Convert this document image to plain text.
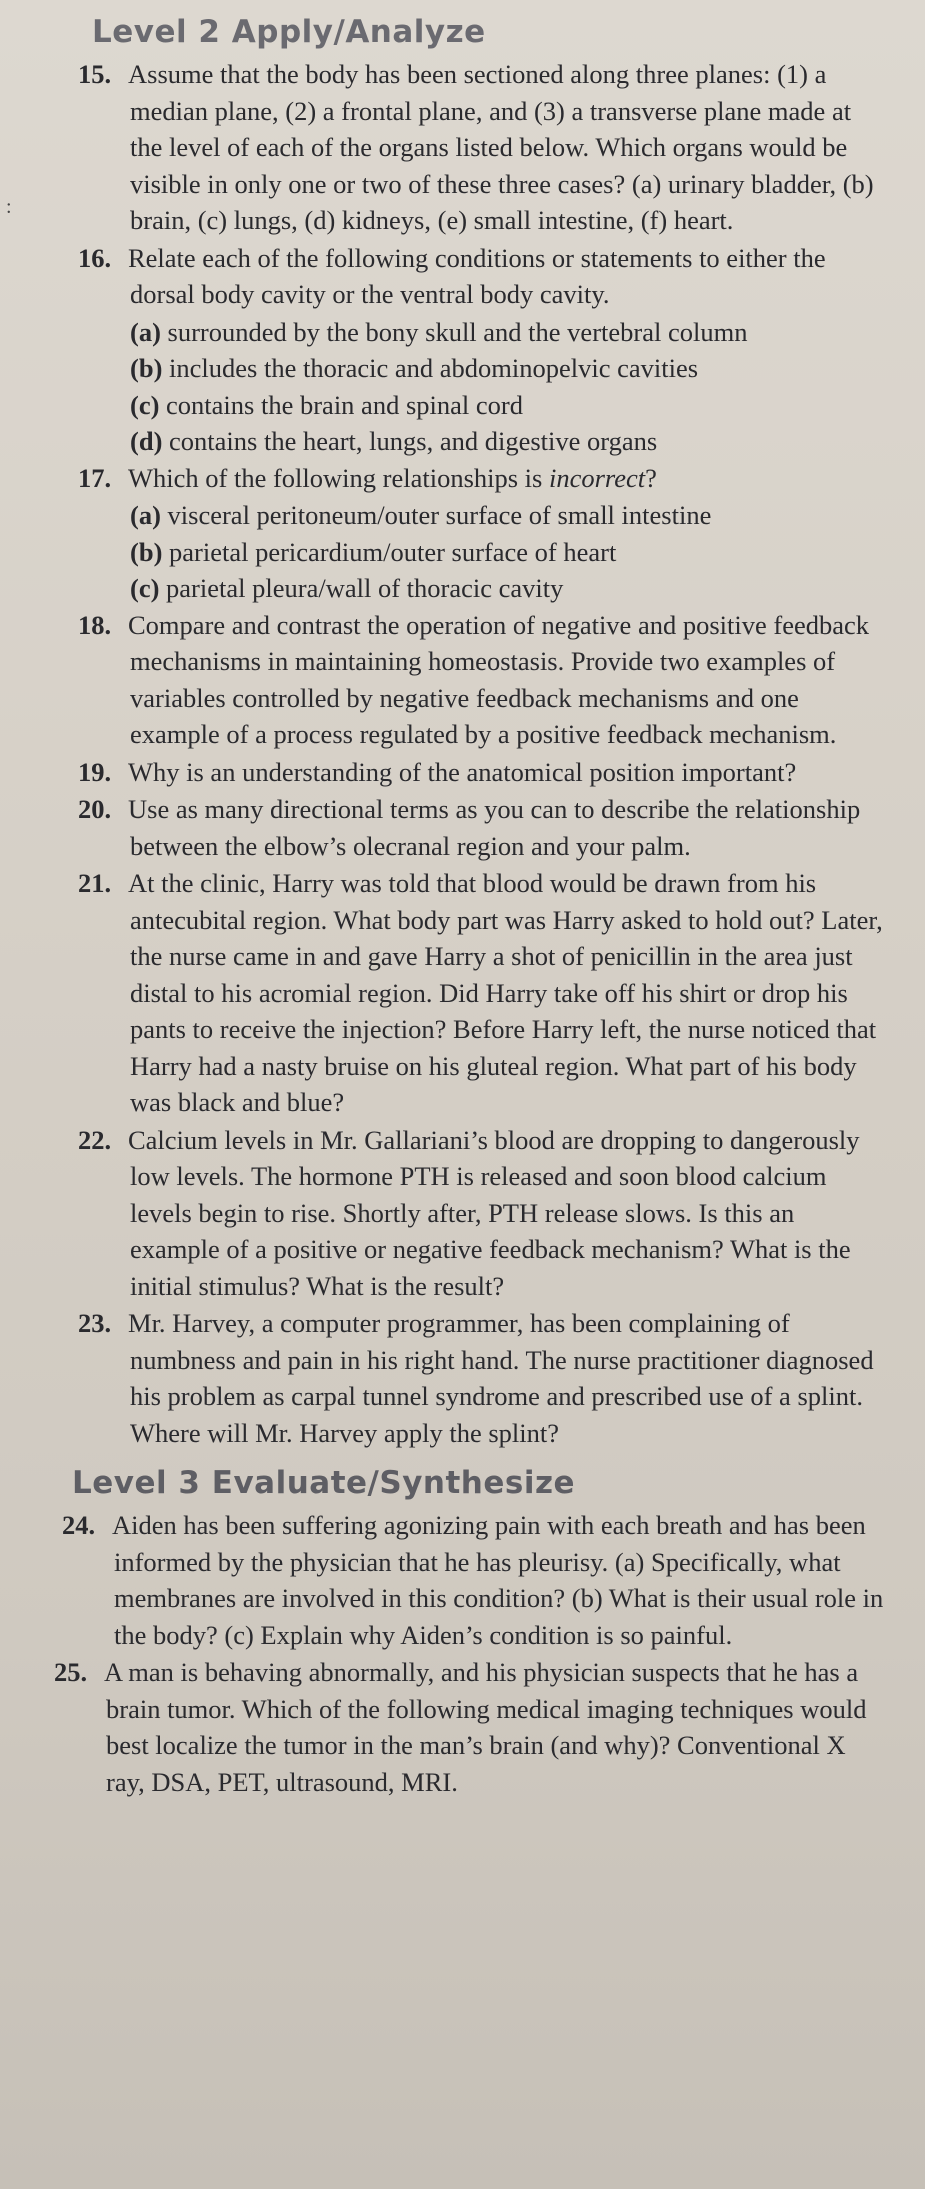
:
Level 2 Apply/Analyze
15. Assume that the body has been sectioned along three planes: (1) a median plane, (2) a frontal plane, and (3) a transverse plane made at the level of each of the organs listed below. Which organs would be visible in only one or two of these three cases? (a) urinary bladder, (b) brain, (c) lungs, (d) kidneys, (e) small intestine, (f) heart.
16. Relate each of the following conditions or statements to either the dorsal body cavity or the ventral body cavity.
(a) surrounded by the bony skull and the vertebral column
(b) includes the thoracic and abdominopelvic cavities
(c) contains the brain and spinal cord
(d) contains the heart, lungs, and digestive organs
17. Which of the following relationships is incorrect?
(a) visceral peritoneum/outer surface of small intestine
(b) parietal pericardium/outer surface of heart
(c) parietal pleura/wall of thoracic cavity
18. Compare and contrast the operation of negative and positive feedback mechanisms in maintaining homeostasis. Provide two examples of variables controlled by negative feedback mechanisms and one example of a process regulated by a positive feedback mechanism.
19. Why is an understanding of the anatomical position important?
20. Use as many directional terms as you can to describe the relationship between the elbow’s olecranal region and your palm.
21. At the clinic, Harry was told that blood would be drawn from his antecubital region. What body part was Harry asked to hold out? Later, the nurse came in and gave Harry a shot of penicillin in the area just distal to his acromial region. Did Harry take off his shirt or drop his pants to receive the injection? Before Harry left, the nurse noticed that Harry had a nasty bruise on his gluteal region. What part of his body was black and blue?
22. Calcium levels in Mr. Gallariani’s blood are dropping to dangerously low levels. The hormone PTH is released and soon blood calcium levels begin to rise. Shortly after, PTH release slows. Is this an example of a positive or negative feedback mechanism? What is the initial stimulus? What is the result?
23. Mr. Harvey, a computer programmer, has been complaining of numbness and pain in his right hand. The nurse practitioner diagnosed his problem as carpal tunnel syndrome and prescribed use of a splint. Where will Mr. Harvey apply the splint?
Level 3 Evaluate/Synthesize
24. Aiden has been suffering agonizing pain with each breath and has been informed by the physician that he has pleurisy. (a) Specifically, what membranes are involved in this condition? (b) What is their usual role in the body? (c) Explain why Aiden’s condition is so painful.
25. A man is behaving abnormally, and his physician suspects that he has a brain tumor. Which of the following medical imaging techniques would best localize the tumor in the man’s brain (and why)? Conventional X ray, DSA, PET, ultrasound, MRI.
